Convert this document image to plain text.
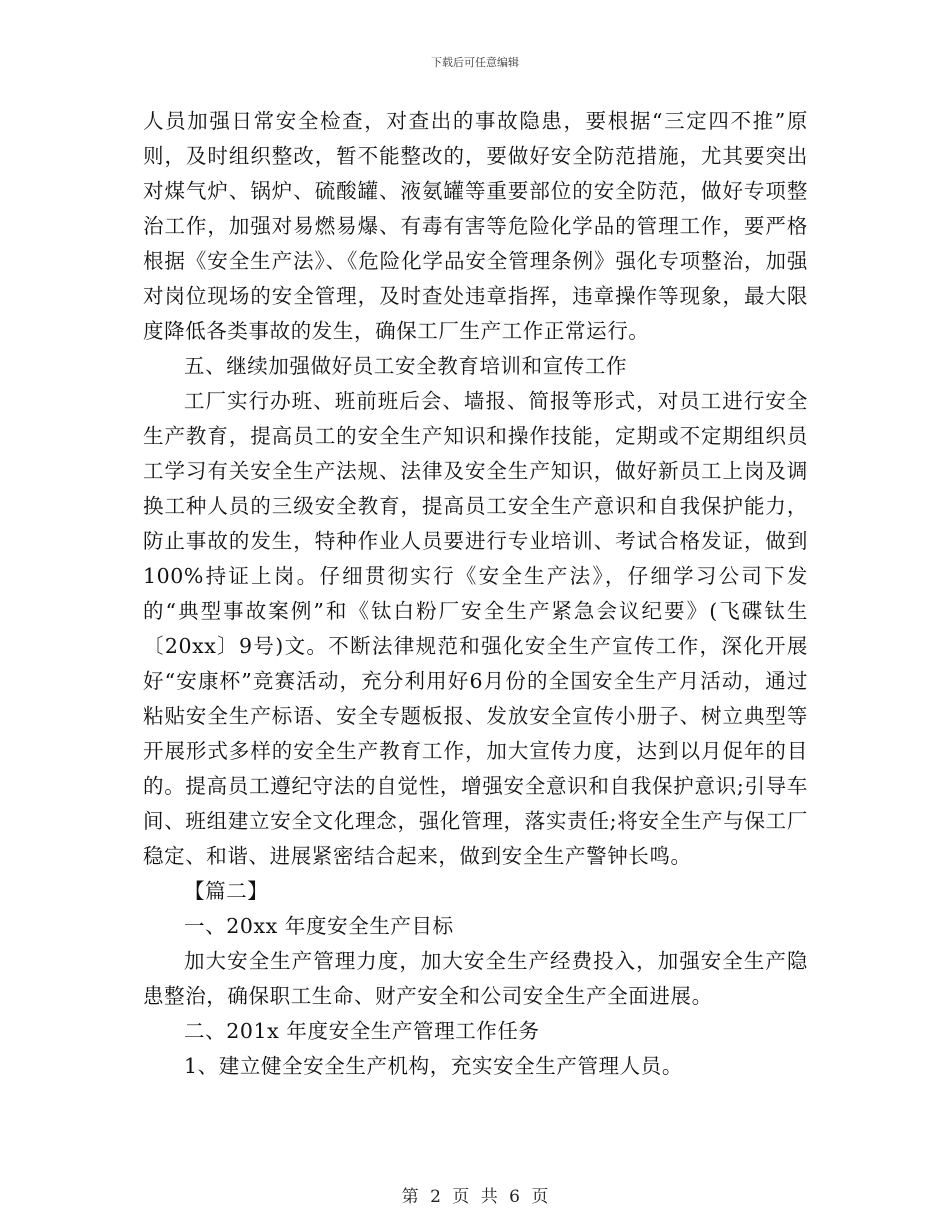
下载后可任意编辑

人员加强日常安全检查，对查出的事故隐患，要根据“三定四不推”原则，及时组织整改，暂不能整改的，要做好安全防范措施，尤其要突出对煤气炉、锅炉、硫酸罐、液氨罐等重要部位的安全防范，做好专项整治工作，加强对易燃易爆、有毒有害等危险化学品的管理工作，要严格根据《安全生产法》、《危险化学品安全管理条例》强化专项整治，加强对岗位现场的安全管理，及时查处违章指挥，违章操作等现象，最大限度降低各类事故的发生，确保工厂生产工作正常运行。

五、继续加强做好员工安全教育培训和宣传工作

工厂实行办班、班前班后会、墙报、简报等形式，对员工进行安全生产教育，提高员工的安全生产知识和操作技能，定期或不定期组织员工学习有关安全生产法规、法律及安全生产知识，做好新员工上岗及调换工种人员的三级安全教育，提高员工安全生产意识和自我保护能力，防止事故的发生，特种作业人员要进行专业培训、考试合格发证，做到100%持证上岗。仔细贯彻实行《安全生产法》，仔细学习公司下发的“典型事故案例”和《钛白粉厂安全生产紧急会议纪要》(飞碟钛生〔20xx〕9号)文。不断法律规范和强化安全生产宣传工作，深化开展好“安康杯”竞赛活动，充分利用好6月份的全国安全生产月活动，通过粘贴安全生产标语、安全专题板报、发放安全宣传小册子、树立典型等开展形式多样的安全生产教育工作，加大宣传力度，达到以月促年的目的。提高员工遵纪守法的自觉性，增强安全意识和自我保护意识;引导车间、班组建立安全文化理念，强化管理，落实责任;将安全生产与保工厂稳定、和谐、进展紧密结合起来，做到安全生产警钟长鸣。

【篇二】

一、20xx 年度安全生产目标

加大安全生产管理力度，加大安全生产经费投入，加强安全生产隐患整治，确保职工生命、财产安全和公司安全生产全面进展。

二、201x 年度安全生产管理工作任务

1、建立健全安全生产机构，充实安全生产管理人员。

第 2 页 共 6 页
